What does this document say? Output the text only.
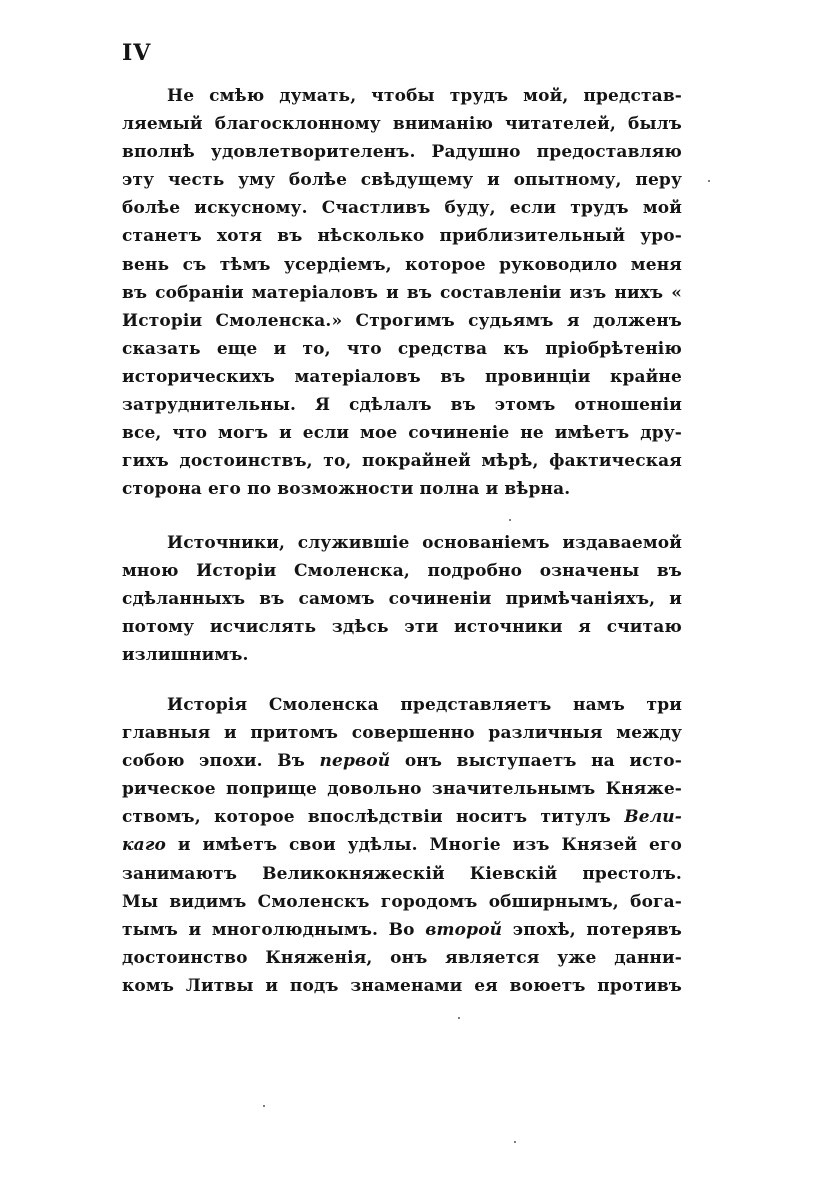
IV
Не смѣю думать, чтобы трудъ мой, представ-
ляемый благосклонному вниманію читателей, былъ
вполнѣ удовлетворителенъ. Радушно предоставляю
эту честь уму болѣе свѣдущему и опытному, перу
болѣе искусному. Счастливъ буду, если трудъ мой
станетъ хотя въ нѣсколько приблизительный уро-
вень съ тѣмъ усердіемъ, которое руководило меня
въ собраніи матеріаловъ и въ составленіи изъ нихъ «
Исторіи Смоленска.» Строгимъ судьямъ я долженъ
сказать еще и то, что средства къ пріобрѣтенію
историческихъ матеріаловъ въ провинціи крайне
затруднительны. Я сдѣлалъ въ этомъ отношеніи
все, что могъ и если мое сочиненіе не имѣетъ дру-
гихъ достоинствъ, то, покрайней мѣрѣ, фактическая
сторона его по возможности полна и вѣрна.
Источники, служившіе основаніемъ издаваемой
мною Исторіи Смоленска, подробно означены въ
сдѣланныхъ въ самомъ сочиненіи примѣчаніяхъ, и
потому исчислять здѣсь эти источники я считаю
излишнимъ.
Исторія Смоленска представляетъ намъ три
главныя и притомъ совершенно различныя между
собою эпохи. Въ первой онъ выступаетъ на исто-
рическое поприще довольно значительнымъ Княже-
ствомъ, которое впослѣдствіи носитъ титулъ Вели-
каго и имѣетъ свои удѣлы. Многіе изъ Князей его
занимаютъ Великокняжескій Кіевскій престолъ.
Мы видимъ Смоленскъ городомъ обширнымъ, бога-
тымъ и многолюднымъ. Во второй эпохѣ, потерявъ
достоинство Княженія, онъ является уже данни-
комъ Литвы и подъ знаменами ея воюетъ противъ
